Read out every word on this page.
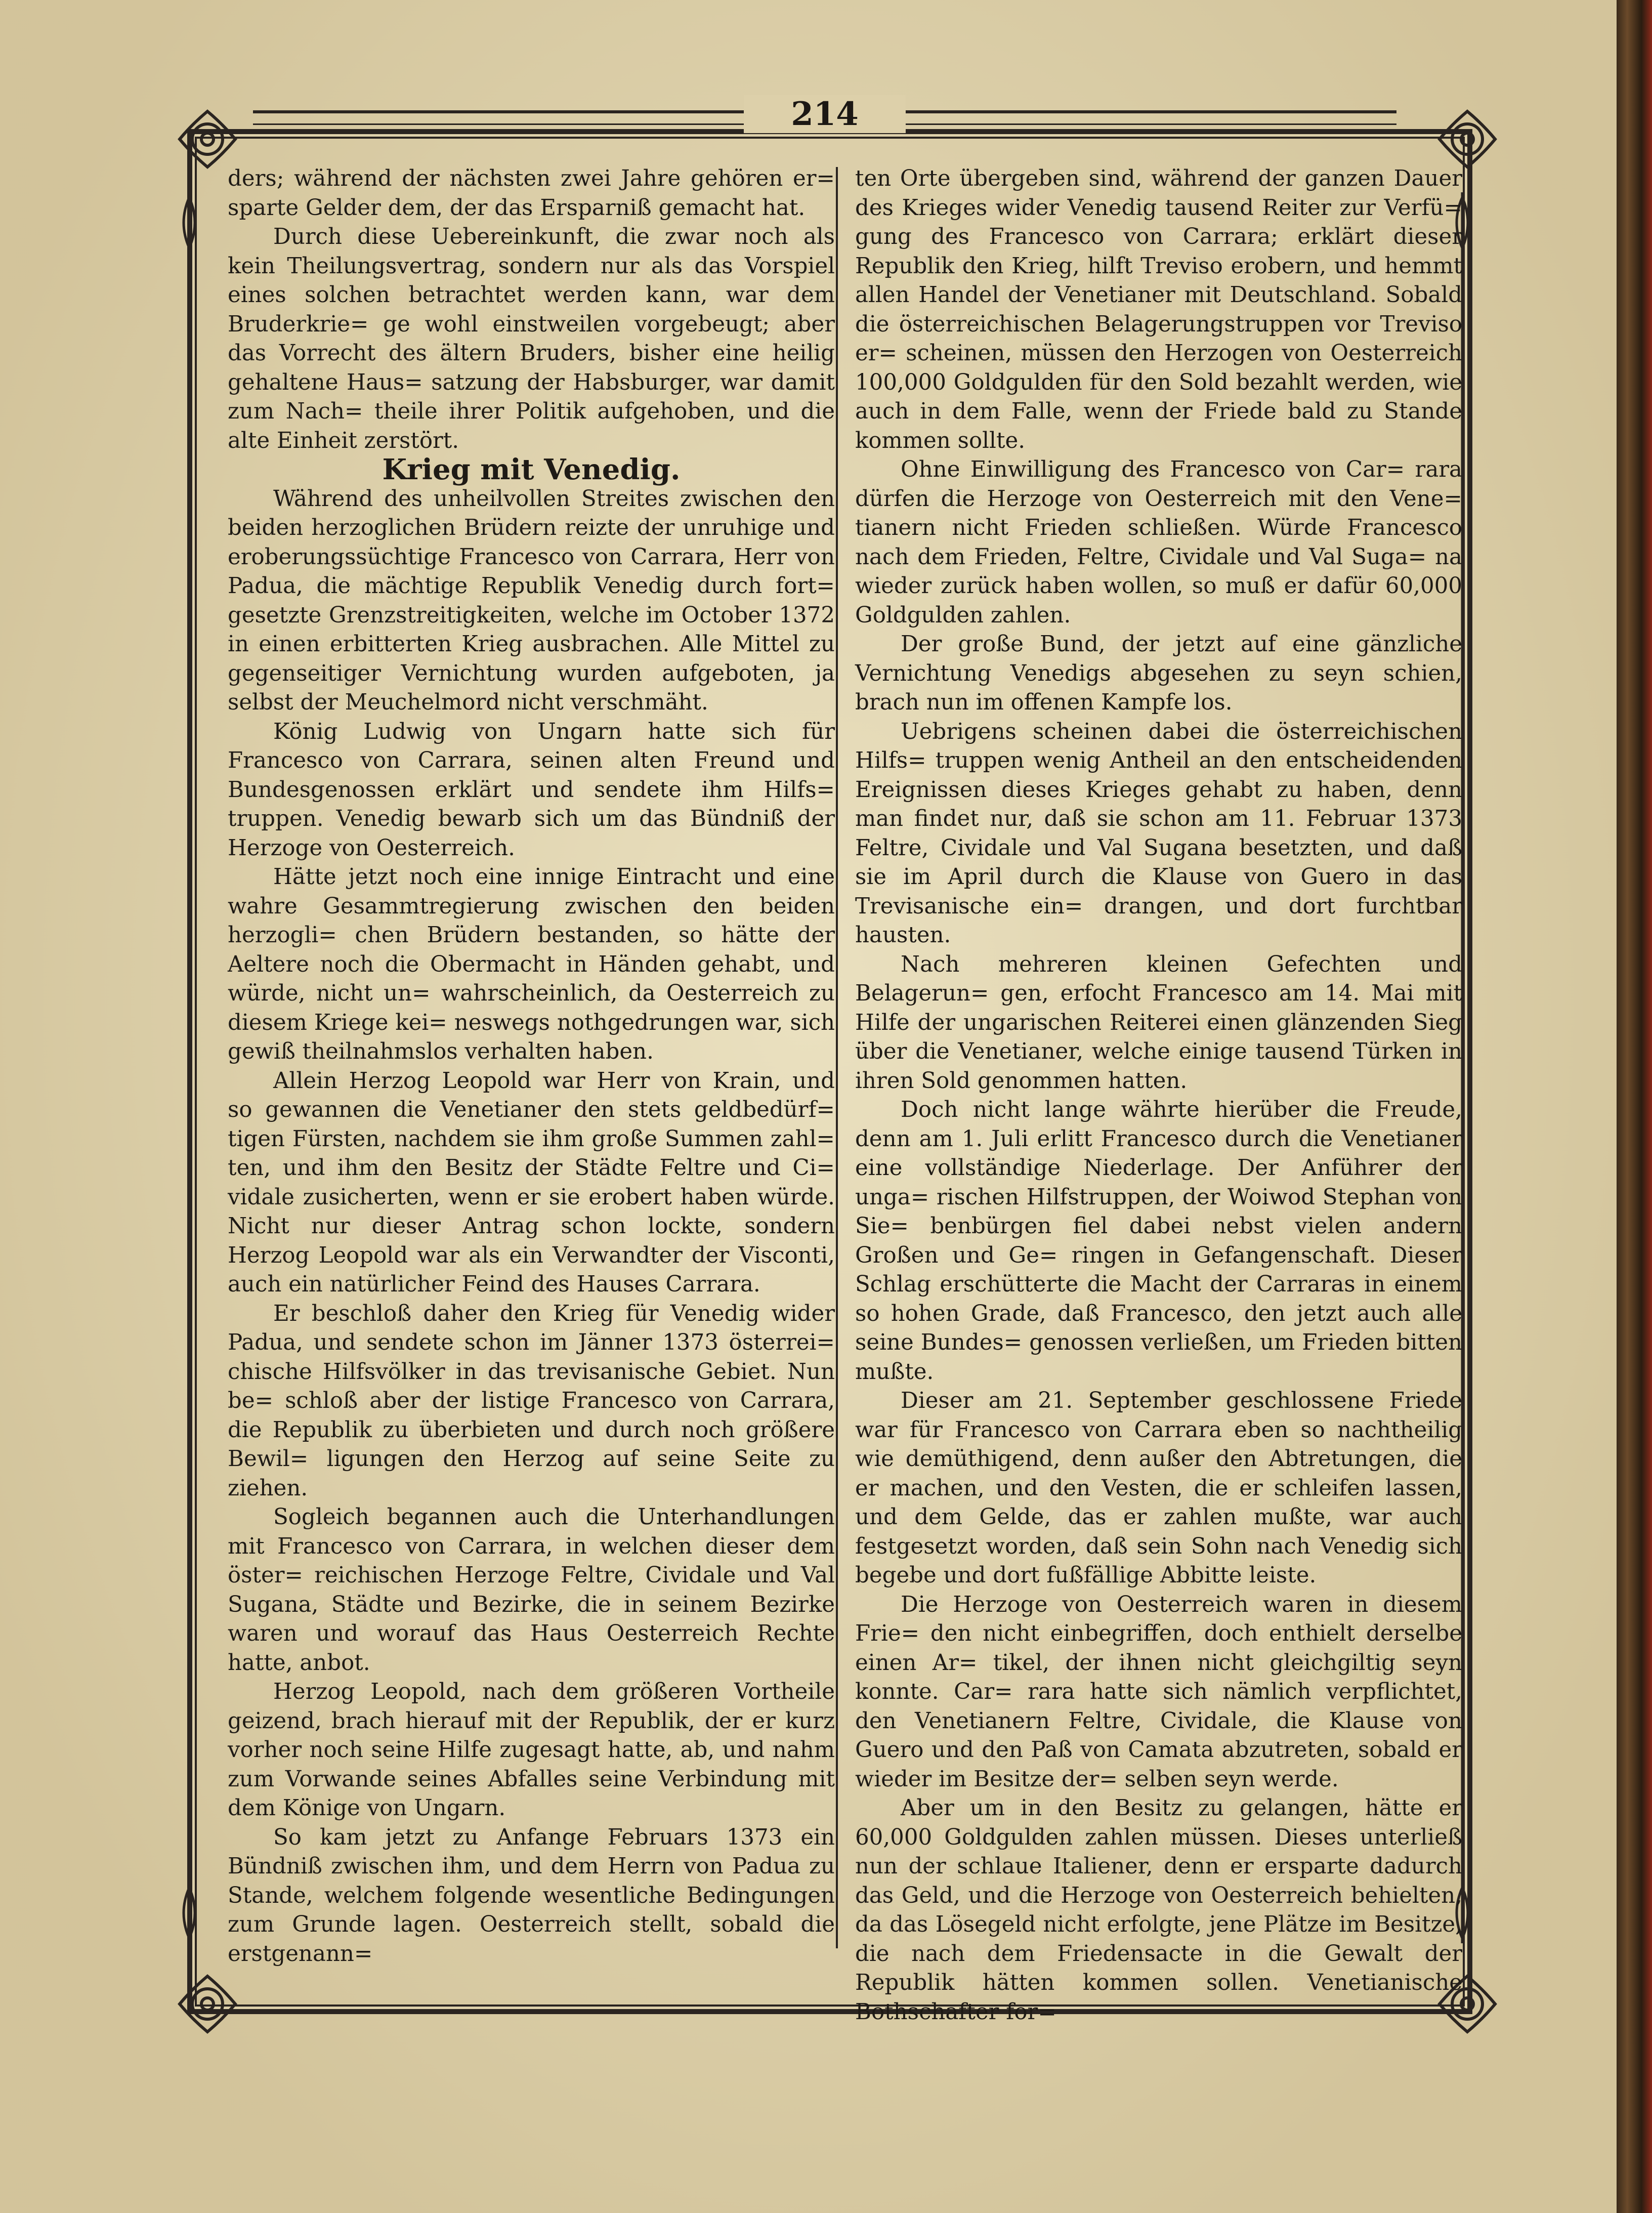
214

ders; während der nächsten zwei Jahre gehören er= sparte Gelder dem, der das Ersparniß gemacht hat.

Durch diese Uebereinkunft, die zwar noch als kein Theilungsvertrag, sondern nur als das Vorspiel eines solchen betrachtet werden kann, war dem Bruderkrie= ge wohl einstweilen vorgebeugt; aber das Vorrecht des ältern Bruders, bisher eine heilig gehaltene Haus= satzung der Habsburger, war damit zum Nach= theile ihrer Politik aufgehoben, und die alte Einheit zerstört.

Krieg mit Venedig.

Während des unheilvollen Streites zwischen den beiden herzoglichen Brüdern reizte der unruhige und eroberungssüchtige Francesco von Carrara, Herr von Padua, die mächtige Republik Venedig durch fort= gesetzte Grenzstreitigkeiten, welche im October 1372 in einen erbitterten Krieg ausbrachen. Alle Mittel zu gegenseitiger Vernichtung wurden aufgeboten, ja selbst der Meuchelmord nicht verschmäht.

König Ludwig von Ungarn hatte sich für Francesco von Carrara, seinen alten Freund und Bundesgenossen erklärt und sendete ihm Hilfs= truppen. Venedig bewarb sich um das Bündniß der Herzoge von Oesterreich.

Hätte jetzt noch eine innige Eintracht und eine wahre Gesammtregierung zwischen den beiden herzogli= chen Brüdern bestanden, so hätte der Aeltere noch die Obermacht in Händen gehabt, und würde, nicht un= wahrscheinlich, da Oesterreich zu diesem Kriege kei= neswegs nothgedrungen war, sich gewiß theilnahmslos verhalten haben.

Allein Herzog Leopold war Herr von Krain, und so gewannen die Venetianer den stets geldbedürf= tigen Fürsten, nachdem sie ihm große Summen zahl= ten, und ihm den Besitz der Städte Feltre und Ci= vidale zusicherten, wenn er sie erobert haben würde. Nicht nur dieser Antrag schon lockte, sondern Herzog Leopold war als ein Verwandter der Visconti, auch ein natürlicher Feind des Hauses Carrara.

Er beschloß daher den Krieg für Venedig wider Padua, und sendete schon im Jänner 1373 österrei= chische Hilfsvölker in das trevisanische Gebiet. Nun be= schloß aber der listige Francesco von Carrara, die Republik zu überbieten und durch noch größere Bewil= ligungen den Herzog auf seine Seite zu ziehen.

Sogleich begannen auch die Unterhandlungen mit Francesco von Carrara, in welchen dieser dem öster= reichischen Herzoge Feltre, Cividale und Val Sugana, Städte und Bezirke, die in seinem Bezirke waren und worauf das Haus Oesterreich Rechte hatte, anbot.

Herzog Leopold, nach dem größeren Vortheile geizend, brach hierauf mit der Republik, der er kurz vorher noch seine Hilfe zugesagt hatte, ab, und nahm zum Vorwande seines Abfalles seine Verbindung mit dem Könige von Ungarn.

So kam jetzt zu Anfange Februars 1373 ein Bündniß zwischen ihm, und dem Herrn von Padua zu Stande, welchem folgende wesentliche Bedingungen zum Grunde lagen. Oesterreich stellt, sobald die erstgenann=

ten Orte übergeben sind, während der ganzen Dauer des Krieges wider Venedig tausend Reiter zur Verfü= gung des Francesco von Carrara; erklärt dieser Republik den Krieg, hilft Treviso erobern, und hemmt allen Handel der Venetianer mit Deutschland. Sobald die österreichischen Belagerungstruppen vor Treviso er= scheinen, müssen den Herzogen von Oesterreich 100,000 Goldgulden für den Sold bezahlt werden, wie auch in dem Falle, wenn der Friede bald zu Stande kommen sollte.

Ohne Einwilligung des Francesco von Car= rara dürfen die Herzoge von Oesterreich mit den Vene= tianern nicht Frieden schließen. Würde Francesco nach dem Frieden, Feltre, Cividale und Val Suga= na wieder zurück haben wollen, so muß er dafür 60,000 Goldgulden zahlen.

Der große Bund, der jetzt auf eine gänzliche Vernichtung Venedigs abgesehen zu seyn schien, brach nun im offenen Kampfe los.

Uebrigens scheinen dabei die österreichischen Hilfs= truppen wenig Antheil an den entscheidenden Ereignissen dieses Krieges gehabt zu haben, denn man findet nur, daß sie schon am 11. Februar 1373 Feltre, Cividale und Val Sugana besetzten, und daß sie im April durch die Klause von Guero in das Trevisanische ein= drangen, und dort furchtbar hausten.

Nach mehreren kleinen Gefechten und Belagerun= gen, erfocht Francesco am 14. Mai mit Hilfe der ungarischen Reiterei einen glänzenden Sieg über die Venetianer, welche einige tausend Türken in ihren Sold genommen hatten.

Doch nicht lange währte hierüber die Freude, denn am 1. Juli erlitt Francesco durch die Venetianer eine vollständige Niederlage. Der Anführer der unga= rischen Hilfstruppen, der Woiwod Stephan von Sie= benbürgen fiel dabei nebst vielen andern Großen und Ge= ringen in Gefangenschaft. Dieser Schlag erschütterte die Macht der Carraras in einem so hohen Grade, daß Francesco, den jetzt auch alle seine Bundes= genossen verließen, um Frieden bitten mußte.

Dieser am 21. September geschlossene Friede war für Francesco von Carrara eben so nachtheilig wie demüthigend, denn außer den Abtretungen, die er machen, und den Vesten, die er schleifen lassen, und dem Gelde, das er zahlen mußte, war auch festgesetzt worden, daß sein Sohn nach Venedig sich begebe und dort fußfällige Abbitte leiste.

Die Herzoge von Oesterreich waren in diesem Frie= den nicht einbegriffen, doch enthielt derselbe einen Ar= tikel, der ihnen nicht gleichgiltig seyn konnte. Car= rara hatte sich nämlich verpflichtet, den Venetianern Feltre, Cividale, die Klause von Guero und den Paß von Camata abzutreten, sobald er wieder im Besitze der= selben seyn werde.

Aber um in den Besitz zu gelangen, hätte er 60,000 Goldgulden zahlen müssen. Dieses unterließ nun der schlaue Italiener, denn er ersparte dadurch das Geld, und die Herzoge von Oesterreich behielten, da das Lösegeld nicht erfolgte, jene Plätze im Besitze, die nach dem Friedensacte in die Gewalt der Republik hätten kommen sollen. Venetianische Bothschafter for=
